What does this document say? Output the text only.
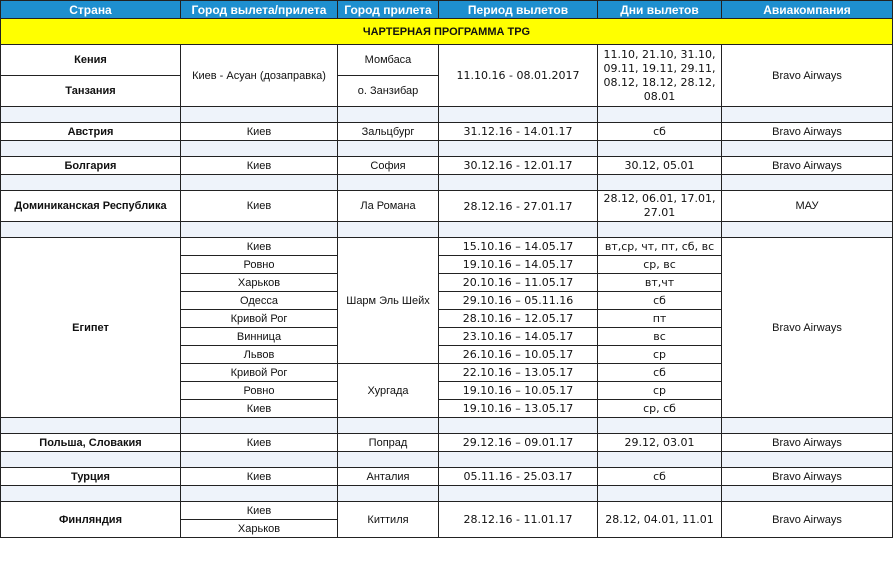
Страна	Город вылета/прилета	Город прилета	Период вылетов	Дни вылетов	Авиакомпания
ЧАРТЕРНАЯ ПРОГРАММА TPG					
Кения	Киев - Асуан (дозаправка)	Момбаса	11.10.16 - 08.01.2017	11.10, 21.10, 31.10, 09.11, 19.11, 29.11, 08.12, 18.12, 28.12, 08.01	Bravo Airways
Танзания		о. Занзибар			

Австрия	Киев	Зальцбург	31.12.16 - 14.01.17	сб	Bravo Airways

Болгария	Киев	София	30.12.16 - 12.01.17	30.12, 05.01	Bravo Airways

Доминиканская Республика	Киев	Ла Романа	28.12.16 - 27.01.17	28.12, 06.01, 17.01, 27.01	МАУ

Египет	Киев	Шарм Эль Шейх	15.10.16 – 14.05.17	вт,ср, чт, пт, сб, вс	Bravo Airways
	Ровно		19.10.16 – 14.05.17	ср, вс	
	Харьков		20.10.16 – 11.05.17	вт,чт	
	Одесса		29.10.16 – 05.11.16	сб	
	Кривой Рог		28.10.16 – 12.05.17	пт	
	Винница		23.10.16 – 14.05.17	вс	
	Львов		26.10.16 – 10.05.17	ср	
	Кривой Рог	Хургада	22.10.16 – 13.05.17	сб	
	Ровно		19.10.16 – 10.05.17	ср	
	Киев		19.10.16 – 13.05.17	ср, сб	

Польша, Словакия	Киев	Попрад	29.12.16 – 09.01.17	29.12, 03.01	Bravo Airways

Турция	Киев	Анталия	05.11.16 - 25.03.17	сб	Bravo Airways

Финляндия	Киев	Киттиля	28.12.16 - 11.01.17	28.12, 04.01, 11.01	Bravo Airways
	Харьков				
